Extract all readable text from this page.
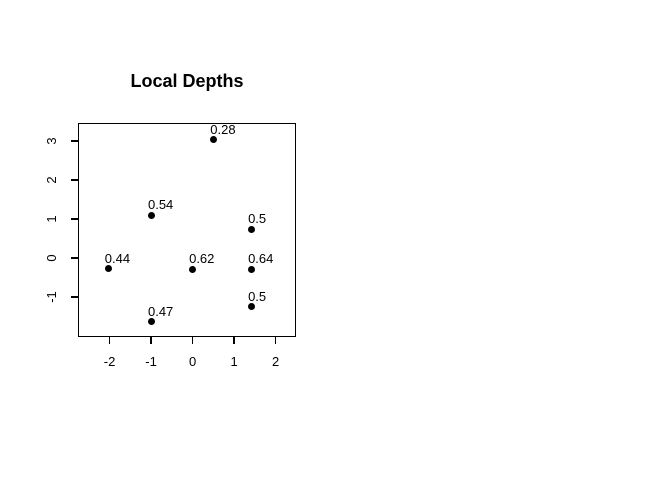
Local Depths
-2	-1	0	1	2
-1
0
1
2
3
0.28
0.54
0.5
0.44	0.62	0.64
0.5
0.47
